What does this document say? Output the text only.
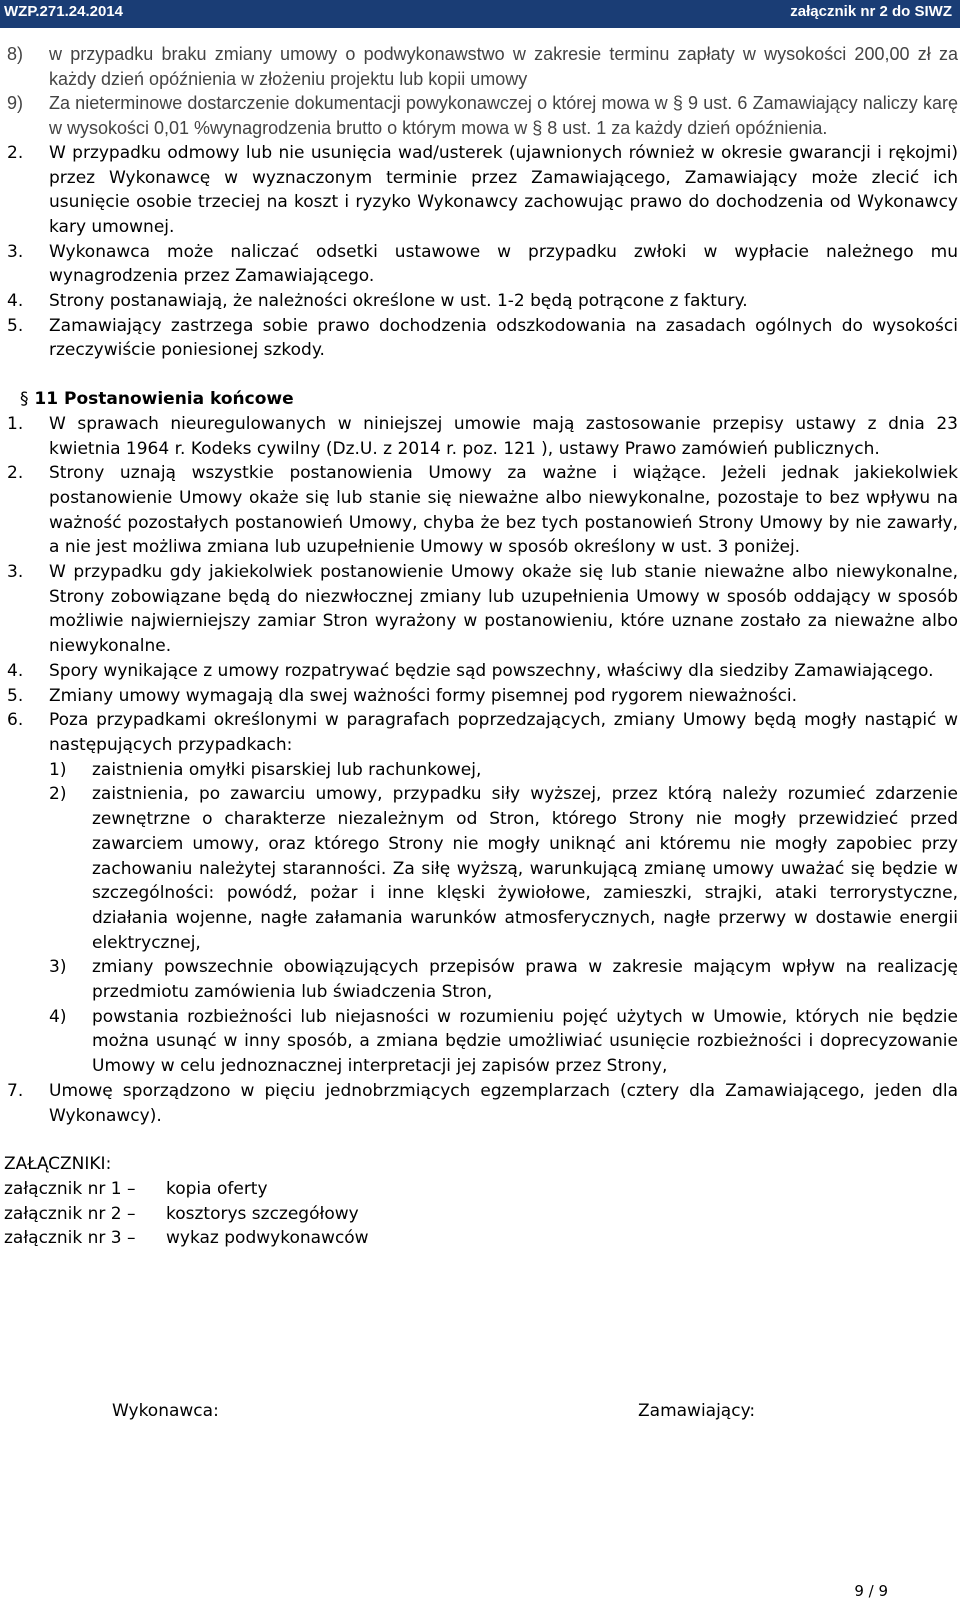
WZP.271.24.2014	załącznik nr 2 do SIWZ
8) w przypadku braku zmiany umowy o podwykonawstwo w zakresie terminu zapłaty w wysokości 200,00 zł za każdy dzień opóźnienia w złożeniu projektu lub kopii umowy
9) Za nieterminowe dostarczenie dokumentacji powykonawczej o której mowa w § 9 ust. 6 Zamawiający naliczy karę w wysokości 0,01 %wynagrodzenia brutto o którym mowa w § 8 ust. 1 za każdy dzień opóźnienia.
2. W przypadku odmowy lub nie usunięcia wad/usterek (ujawnionych również w okresie gwarancji i rękojmi) przez Wykonawcę w wyznaczonym terminie przez Zamawiającego, Zamawiający może zlecić ich usunięcie osobie trzeciej na koszt i ryzyko Wykonawcy zachowując prawo do dochodzenia od Wykonawcy kary umownej.
3. Wykonawca może naliczać odsetki ustawowe w przypadku zwłoki w wypłacie należnego mu wynagrodzenia przez Zamawiającego.
4. Strony postanawiają, że należności określone w ust. 1-2 będą potrącone z faktury.
5. Zamawiający zastrzega sobie prawo dochodzenia odszkodowania na zasadach ogólnych do wysokości rzeczywiście poniesionej szkody.
§ 11 Postanowienia końcowe
1. W sprawach nieuregulowanych w niniejszej umowie mają zastosowanie przepisy ustawy z dnia 23 kwietnia 1964 r. Kodeks cywilny (Dz.U. z 2014 r. poz. 121 ), ustawy Prawo zamówień publicznych.
2. Strony uznają wszystkie postanowienia Umowy za ważne i wiążące. Jeżeli jednak jakiekolwiek postanowienie Umowy okaże się lub stanie się nieważne albo niewykonalne, pozostaje to bez wpływu na ważność pozostałych postanowień Umowy, chyba że bez tych postanowień Strony Umowy by nie zawarły, a nie jest możliwa zmiana lub uzupełnienie Umowy w sposób określony w ust. 3 poniżej.
3. W przypadku gdy jakiekolwiek postanowienie Umowy okaże się lub stanie nieważne albo niewykonalne, Strony zobowiązane będą do niezwłocznej zmiany lub uzupełnienia Umowy w sposób oddający w sposób możliwie najwierniejszy zamiar Stron wyrażony w postanowieniu, które uznane zostało za nieważne albo niewykonalne.
4. Spory wynikające z umowy rozpatrywać będzie sąd powszechny, właściwy dla siedziby Zamawiającego.
5. Zmiany umowy wymagają dla swej ważności formy pisemnej pod rygorem nieważności.
6. Poza przypadkami określonymi w paragrafach poprzedzających, zmiany Umowy będą mogły nastąpić w następujących przypadkach:
1) zaistnienia omyłki pisarskiej lub rachunkowej,
2) zaistnienia, po zawarciu umowy, przypadku siły wyższej, przez którą należy rozumieć zdarzenie zewnętrzne o charakterze niezależnym od Stron, którego Strony nie mogły przewidzieć przed zawarciem umowy, oraz którego Strony nie mogły uniknąć ani któremu nie mogły zapobiec przy zachowaniu należytej staranności. Za siłę wyższą, warunkującą zmianę umowy uważać się będzie w szczególności: powódź, pożar i inne klęski żywiołowe, zamieszki, strajki, ataki terrorystyczne, działania wojenne, nagłe załamania warunków atmosferycznych, nagłe przerwy w dostawie energii elektrycznej,
3) zmiany powszechnie obowiązujących przepisów prawa w zakresie mającym wpływ na realizację przedmiotu zamówienia lub świadczenia Stron,
4) powstania rozbieżności lub niejasności w rozumieniu pojęć użytych w Umowie, których nie będzie można usunąć w inny sposób, a zmiana będzie umożliwiać usunięcie rozbieżności i doprecyzowanie Umowy w celu jednoznacznej interpretacji jej zapisów przez Strony,
7. Umowę sporządzono w pięciu jednobrzmiących egzemplarzach (cztery dla Zamawiającego, jeden dla Wykonawcy).
ZAŁĄCZNIKI:
załącznik nr 1 –	kopia oferty
załącznik nr 2 –	kosztorys szczegółowy
załącznik nr 3 –	wykaz podwykonawców
Wykonawca:	Zamawiający:
9 / 9
